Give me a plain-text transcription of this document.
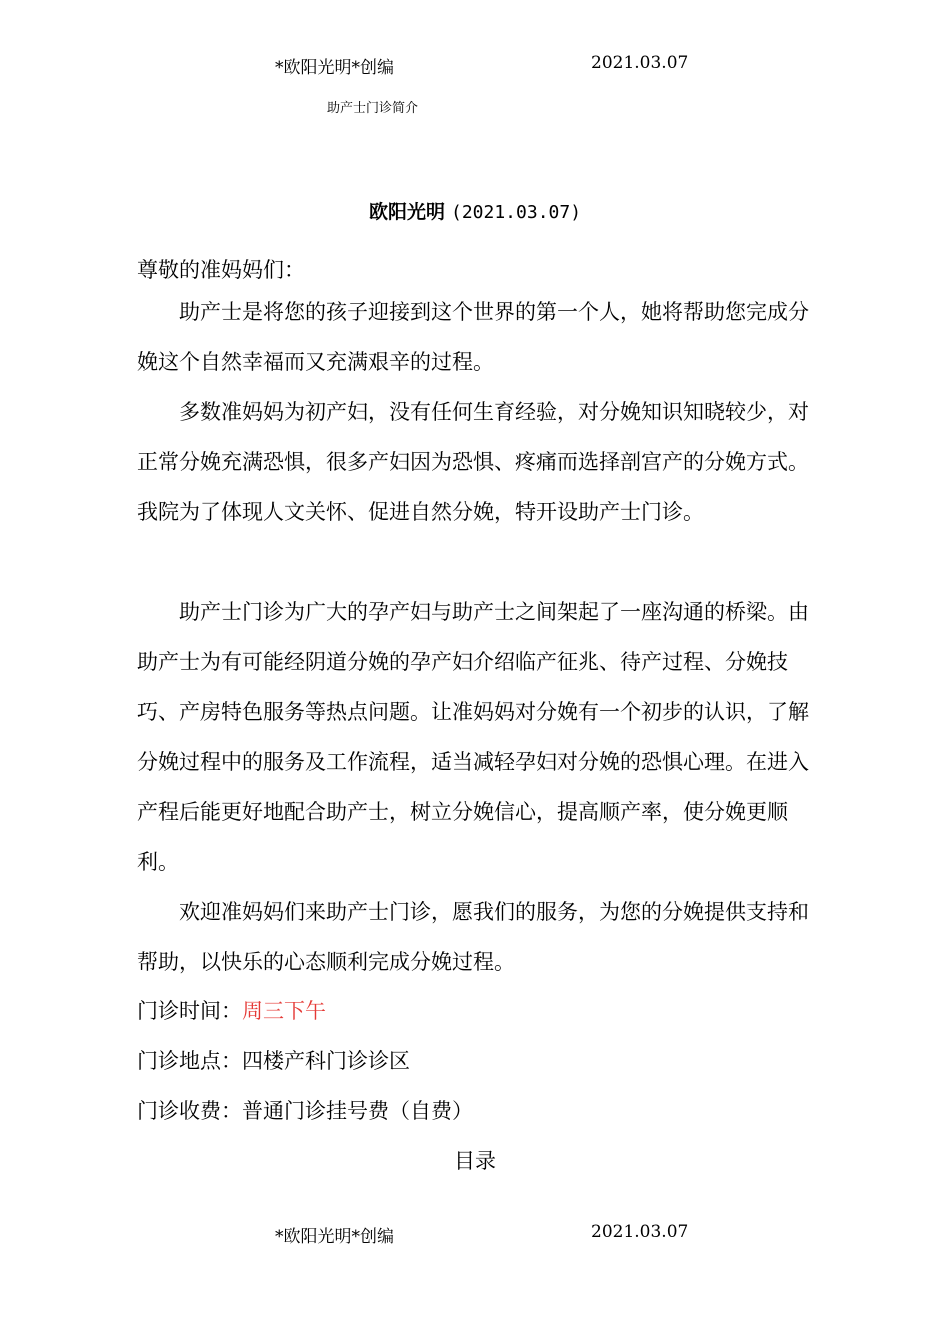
*欧阳光明*创编	2021.03.07
助产士门诊简介
欧阳光明 (2021.03.07)
尊敬的准妈妈们：
助产士是将您的孩子迎接到这个世界的第一个人，她将帮助您完成分娩这个自然幸福而又充满艰辛的过程。
多数准妈妈为初产妇，没有任何生育经验，对分娩知识知晓较少，对正常分娩充满恐惧，很多产妇因为恐惧、疼痛而选择剖宫产的分娩方式。我院为了体现人文关怀、促进自然分娩，特开设助产士门诊。
助产士门诊为广大的孕产妇与助产士之间架起了一座沟通的桥梁。由助产士为有可能经阴道分娩的孕产妇介绍临产征兆、待产过程、分娩技巧、产房特色服务等热点问题。让准妈妈对分娩有一个初步的认识，了解分娩过程中的服务及工作流程，适当减轻孕妇对分娩的恐惧心理。在进入产程后能更好地配合助产士，树立分娩信心，提高顺产率，使分娩更顺利。
欢迎准妈妈们来助产士门诊，愿我们的服务，为您的分娩提供支持和帮助，以快乐的心态顺利完成分娩过程。
门诊时间：周三下午
门诊地点：四楼产科门诊诊区
门诊收费：普通门诊挂号费（自费）
目录
*欧阳光明*创编	2021.03.07
